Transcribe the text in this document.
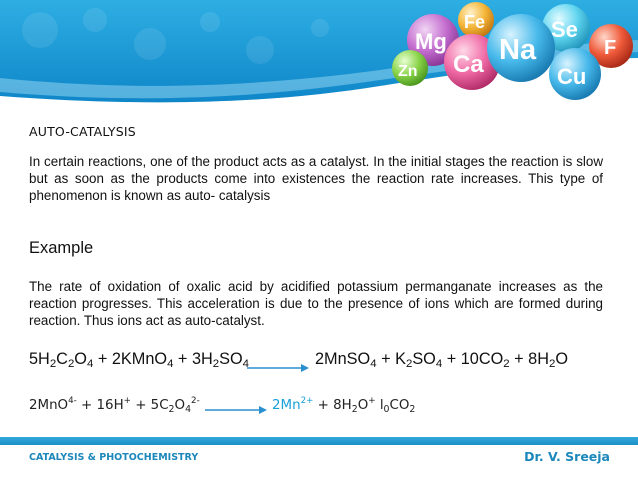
F
Fe	Se
Mg
Zn	Cu
Ca Na
AUTO-CATALYSIS
In certain reactions, one of the product acts as a catalyst. In the initial stages the reaction is slow but as soon as the products come into existences the reaction rate increases. This type of phenomenon is known as auto- catalysis
Example
The rate of oxidation of oxalic acid by acidified potassium permanganate increases as the reaction progresses. This acceleration is due to the presence of ions which are formed during reaction. Thus ions act as auto-catalyst.
$5H_2C_2O_4$ + 2KMnO$_4$ + $3H_2SO_4$ → 2MnSO$_4$ + $K_2SO_4 + 10CO_2 + 8H_2O$
$2MnO^{4-} + 16H^+ + 5C_2O_4^{2-}$	$2Mn^{2+} + 8H_2O^+$ $l_0CO_2$
CATALYSIS & PHOTOCHEMISTRY	Dr. V. Sreeja
